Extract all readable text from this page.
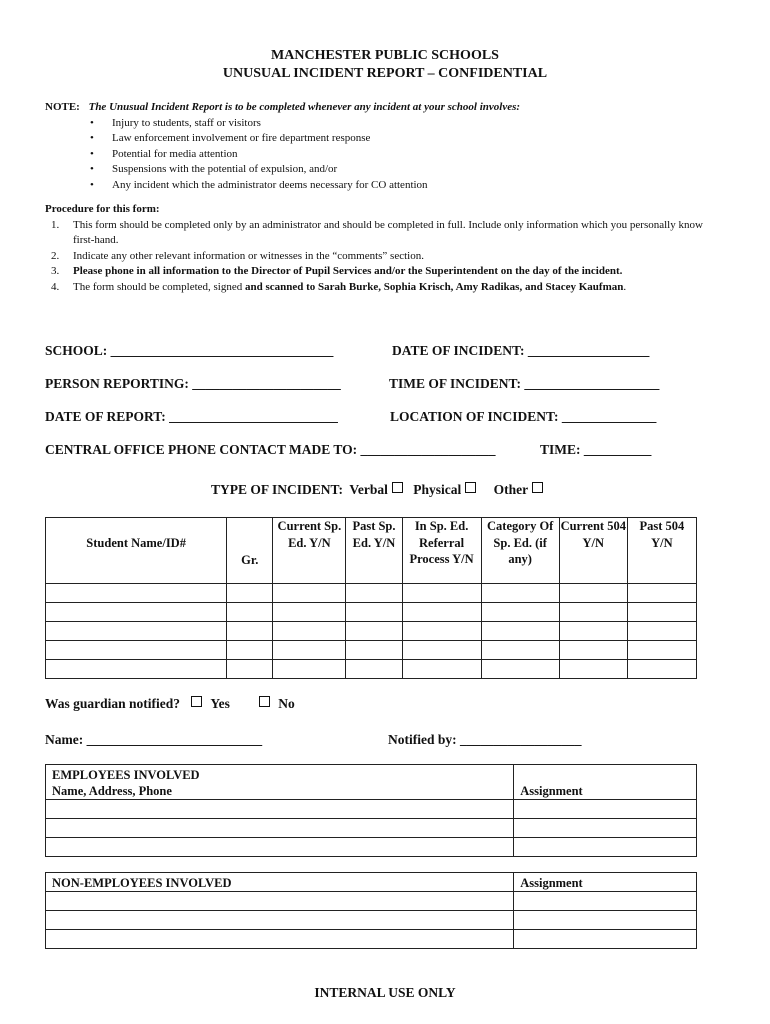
MANCHESTER PUBLIC SCHOOLS
UNUSUAL INCIDENT REPORT – CONFIDENTIAL
NOTE: The Unusual Incident Report is to be completed whenever any incident at your school involves:
• Injury to students, staff or visitors
• Law enforcement involvement or fire department response
• Potential for media attention
• Suspensions with the potential of expulsion, and/or
• Any incident which the administrator deems necessary for CO attention
Procedure for this form:
1. This form should be completed only by an administrator and should be completed in full. Include only information which you personally know first-hand.
2. Indicate any other relevant information or witnesses in the “comments” section.
3. Please phone in all information to the Director of Pupil Services and/or the Superintendent on the day of the incident.
4. The form should be completed, signed and scanned to Sarah Burke, Sophia Krisch, Amy Radikas, and Stacey Kaufman.
SCHOOL: _________________________________	DATE OF INCIDENT: __________________
PERSON REPORTING: ______________________	TIME OF INCIDENT: ____________________
DATE OF REPORT: _________________________	LOCATION OF INCIDENT: ______________
CENTRAL OFFICE PHONE CONTACT MADE TO: ____________________	TIME: __________
TYPE OF INCIDENT: Verbal Physical Other
Student Name/ID#	Gr.	Current Sp. Ed. Y/N	Past Sp. Ed. Y/N	In Sp. Ed. Referral Process Y/N	Category Of Sp. Ed. (if any)	Current 504 Y/N	Past 504 Y/N

Was guardian notified? Yes	No
Name: __________________________	Notified by: __________________
EMPLOYEES INVOLVED
Name, Address, Phone	Assignment

NON-EMPLOYEES INVOLVED	Assignment

INTERNAL USE ONLY
